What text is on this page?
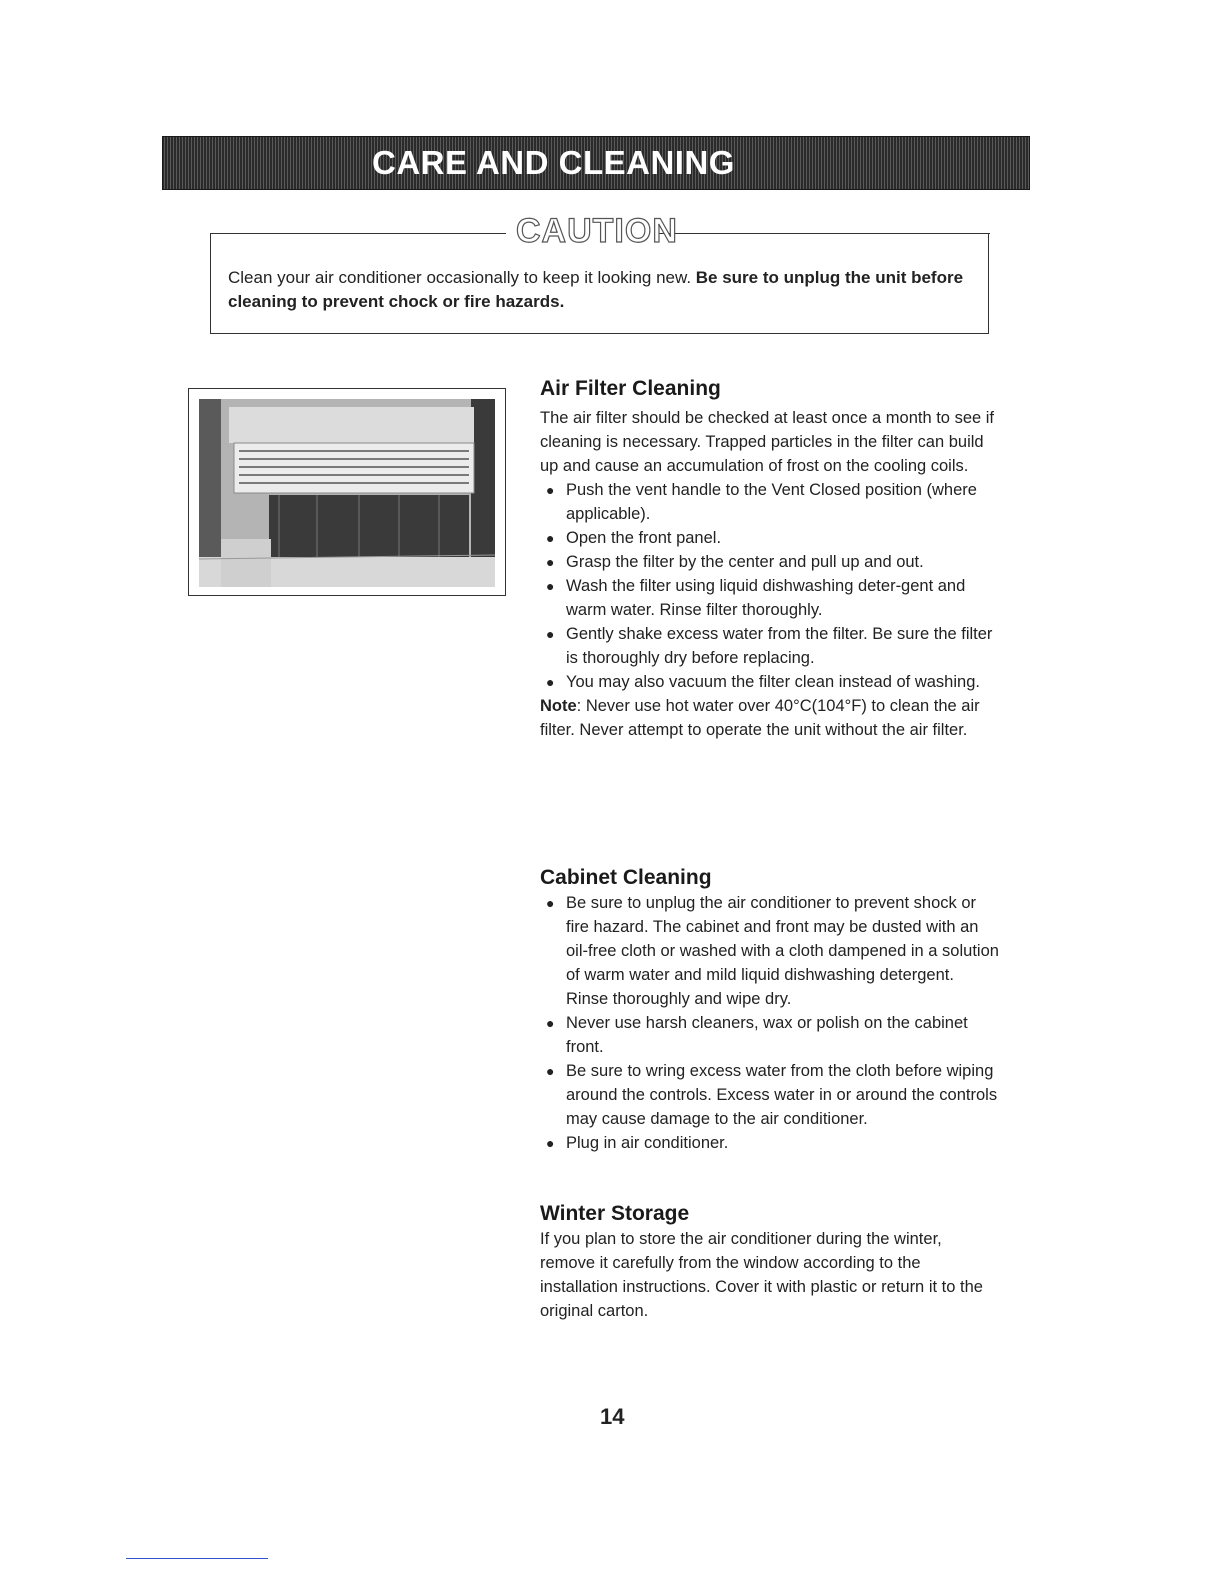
CARE AND CLEANING
CAUTION
Clean your air conditioner occasionally to keep it looking new. Be sure to unplug the unit before cleaning to prevent chock or fire hazards.
Air Filter Cleaning

The air filter should be checked at least once a month to see if cleaning is necessary. Trapped particles in the filter can build up and cause an accumulation of frost on the cooling coils.

● Push the vent handle to the Vent Closed position (where applicable).
● Open the front panel.
● Grasp the filter by the center and pull up and out.
● Wash the filter using liquid dishwashing deter-gent and warm water. Rinse filter thoroughly.
● Gently shake excess water from the filter. Be sure the filter is thoroughly dry before replacing.
● You may also vacuum the filter clean instead of washing.

Note: Never use hot water over 40°C(104°F) to clean the air filter. Never attempt to operate the unit without the air filter.

Cabinet Cleaning
● Be sure to unplug the air conditioner to prevent shock or fire hazard. The cabinet and front may be dusted with an oil-free cloth or washed with a cloth dampened in a solution of warm water and mild liquid dishwashing detergent. Rinse thoroughly and wipe dry.
● Never use harsh cleaners, wax or polish on the cabinet front.
● Be sure to wring excess water from the cloth before wiping around the controls. Excess water in or around the controls may cause damage to the air conditioner.
● Plug in air conditioner.
Winter Storage

If you plan to store the air conditioner during the winter, remove it carefully from the window according to the installation instructions. Cover it with plastic or return it to the original carton.

14
